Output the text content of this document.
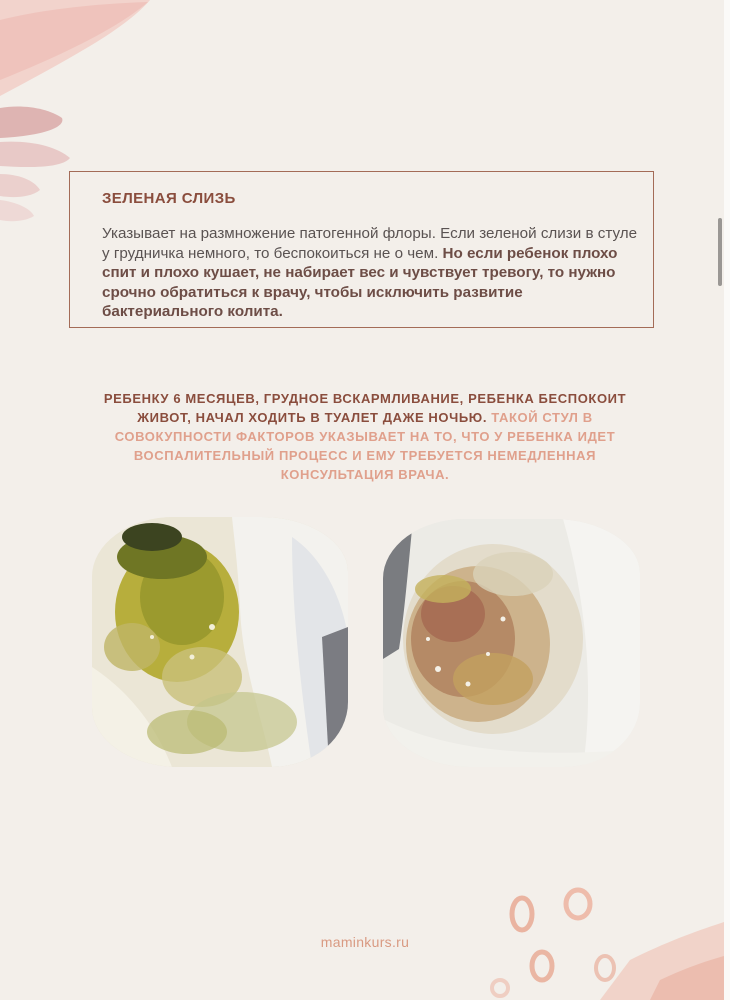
ЗЕЛЕНАЯ СЛИЗЬ
Указывает на размножение патогенной флоры. Если зеленой слизи в стуле у грудничка немного, то беспокоиться не о чем. Но если ребенок плохо спит и плохо кушает, не набирает вес и чувствует тревогу, то нужно срочно обратиться к врачу, чтобы исключить развитие бактериального колита.
РЕБЕНКУ 6 МЕСЯЦЕВ, ГРУДНОЕ ВСКАРМЛИВАНИЕ, РЕБЕНКА БЕСПОКОИТ ЖИВОТ, НАЧАЛ ХОДИТЬ В ТУАЛЕТ ДАЖЕ НОЧЬЮ. ТАКОЙ СТУЛ В СОВОКУПНОСТИ ФАКТОРОВ УКАЗЫВАЕТ НА ТО, ЧТО У РЕБЕНКА ИДЕТ ВОСПАЛИТЕЛЬНЫЙ ПРОЦЕСС И ЕМУ ТРЕБУЕТСЯ НЕМЕДЛЕННАЯ КОНСУЛЬТАЦИЯ ВРАЧА.
maminkurs.ru
